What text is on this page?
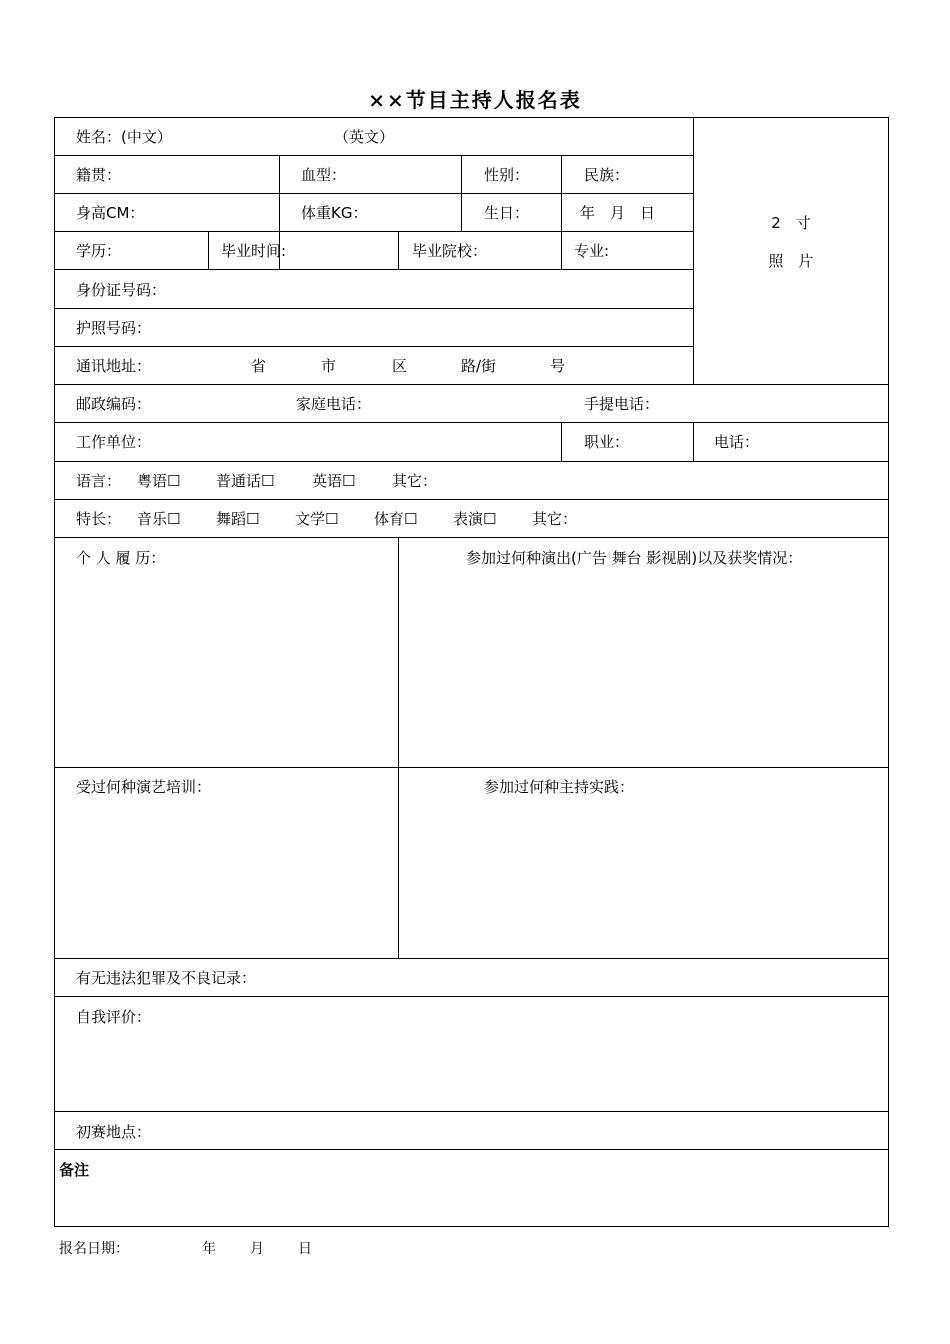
××节目主持人报名表
姓名：(中文）	（英文）
籍贯：	血型：	性别：	民族：
身高CM：	体重KG：	生日：	年　月　日
学历：	毕业时间:	毕业院校：	专业:
身份证号码：
护照号码：
通讯地址：	省	市	区	路/街	号
2　寸
照　片
邮政编码：	家庭电话：	手提电话：
工作单位：	职业：	电话：
语言： 粤语☐ 普通话☐	英语☐ 其它：
特长： 音乐☐ 舞蹈☐ 文学☐ 体育☐ 表演☐ 其它：
个 人 履 历：	参加过何种演出(广告 舞台 影视剧)以及获奖情况：
受过何种演艺培训：	参加过何种主持实践：
有无违法犯罪及不良记录：
自我评价：
初赛地点：
备注
报名日期：	年 月 日
